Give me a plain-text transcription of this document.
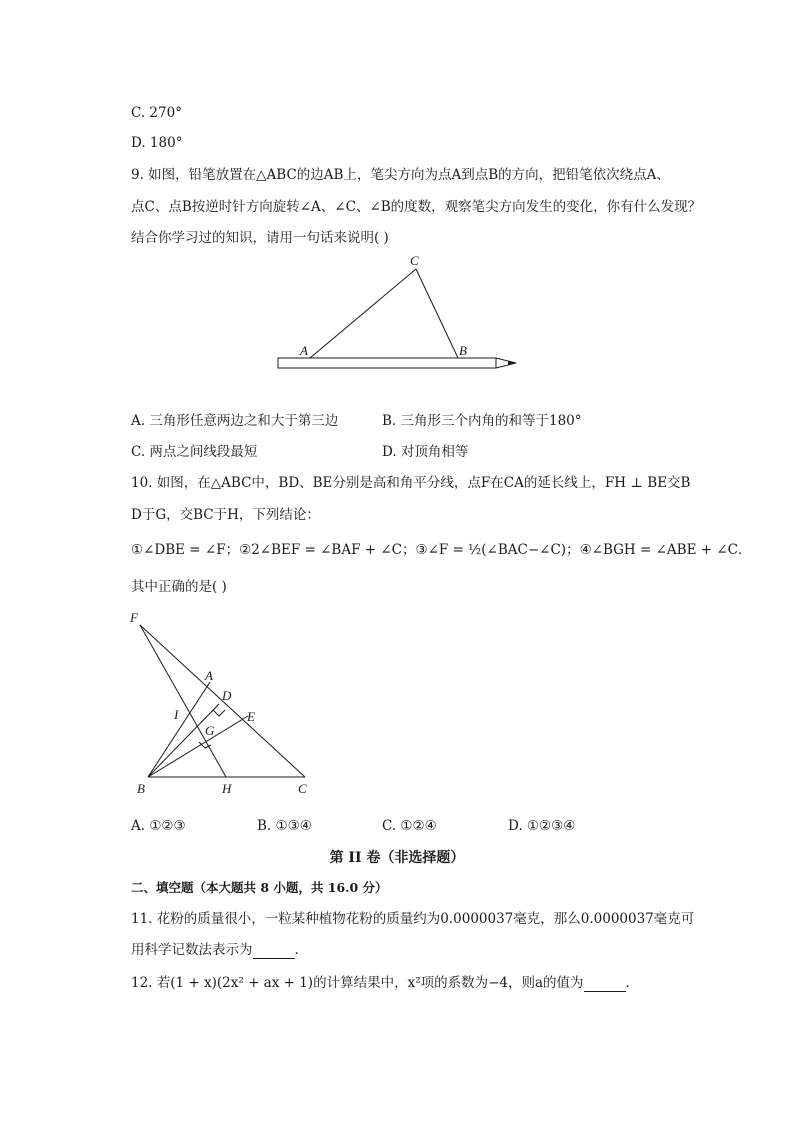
C. 270°
D. 180°
9. 如图，铅笔放置在△ABC的边AB上，笔尖方向为点A到点B的方向，把铅笔依次绕点A、
点C、点B按逆时针方向旋转∠A、∠C、∠B的度数，观察笔尖方向发生的变化，你有什么发现？
结合你学习过的知识，请用一句话来说明( )
C
A	B
A. 三角形任意两边之和大于第三边	B. 三角形三个内角的和等于180°
C. 两点之间线段最短	D. 对顶角相等
10. 如图，在△ABC中，BD、BE分别是高和角平分线，点F在CA的延长线上，FH ⊥ BE交B
D于G，交BC于H，下列结论：
①∠DBE = ∠F；②2∠BEF = ∠BAF + ∠C；③∠F = ½(∠BAC−∠C)；④∠BGH = ∠ABE + ∠C．
其中正确的是( )
F
A
D
I	E
G
B	H	C
A. ①②③	B. ①③④	C. ①②④	D. ①②③④
第 II 卷（非选择题）
二、填空题（本大题共 8 小题，共 16.0 分）
11. 花粉的质量很小，一粒某种植物花粉的质量约为0.0000037毫克，那么0.0000037毫克可
用科学记数法表示为	.
12. 若(1 + x)(2x² + ax + 1)的计算结果中，x²项的系数为−4，则a的值为	．
